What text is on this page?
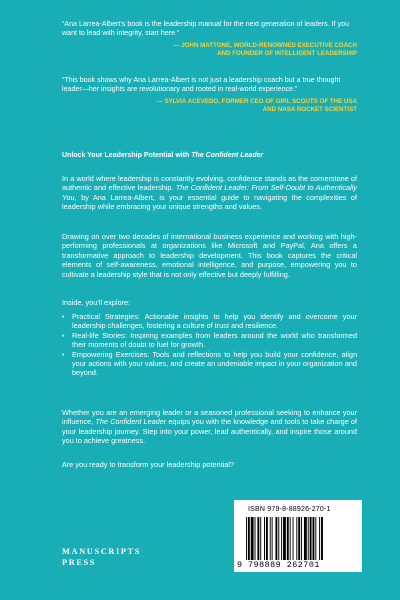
“Ana Larrea-Albert’s book is the leadership manual for the next generation of leaders. If you want to lead with integrity, start here.”

— JOHN MATTONE, WORLD-RENOWNED EXECUTIVE COACH
AND FOUNDER OF INTELLIGENT LEADERSHIP

“This book shows why Ana Larrea-Albert is not just a leadership coach but a true thought leader—her insights are revolutionary and rooted in real-world experience.”

— SYLVIA ACEVEDO, FORMER CEO OF GIRL SCOUTS OF THE USA
AND NASA ROCKET SCIENTIST
Unlock Your Leadership Potential with The Confident Leader

In a world where leadership is constantly evolving, confidence stands as the cornerstone of authentic and effective leadership. The Confident Leader: From Self-Doubt to Authentically You, by Ana Larrea-Albert, is your essential guide to navigating the complexities of leadership while embracing your unique strengths and values.

Drawing on over two decades of international business experience and working with high-performing professionals at organizations like Microsoft and PayPal, Ana offers a transformative approach to leadership development. This book captures the critical elements of self-awareness, emotional intelligence, and purpose, empowering you to cultivate a leadership style that is not only effective but deeply fulfilling.

Inside, you’ll explore:

• Practical Strategies: Actionable insights to help you identify and overcome your leadership challenges, fostering a culture of trust and resilience.
• Real-life Stories: Inspiring examples from leaders around the world who transformed their moments of doubt to fuel for growth.
• Empowering Exercises: Tools and reflections to help you build your confidence, align your actions with your values, and create an undeniable impact in your organization and beyond.

Whether you are an emerging leader or a seasoned professional seeking to enhance your influence, The Confident Leader equips you with the knowledge and tools to take charge of your leadership journey. Step into your power, lead authentically, and inspire those around you to achieve greatness.

Are you ready to transform your leadership potential?

MANUSCRIPTS
PRESS
ISBN 979-8-88926-270-1
9 798889 262701
